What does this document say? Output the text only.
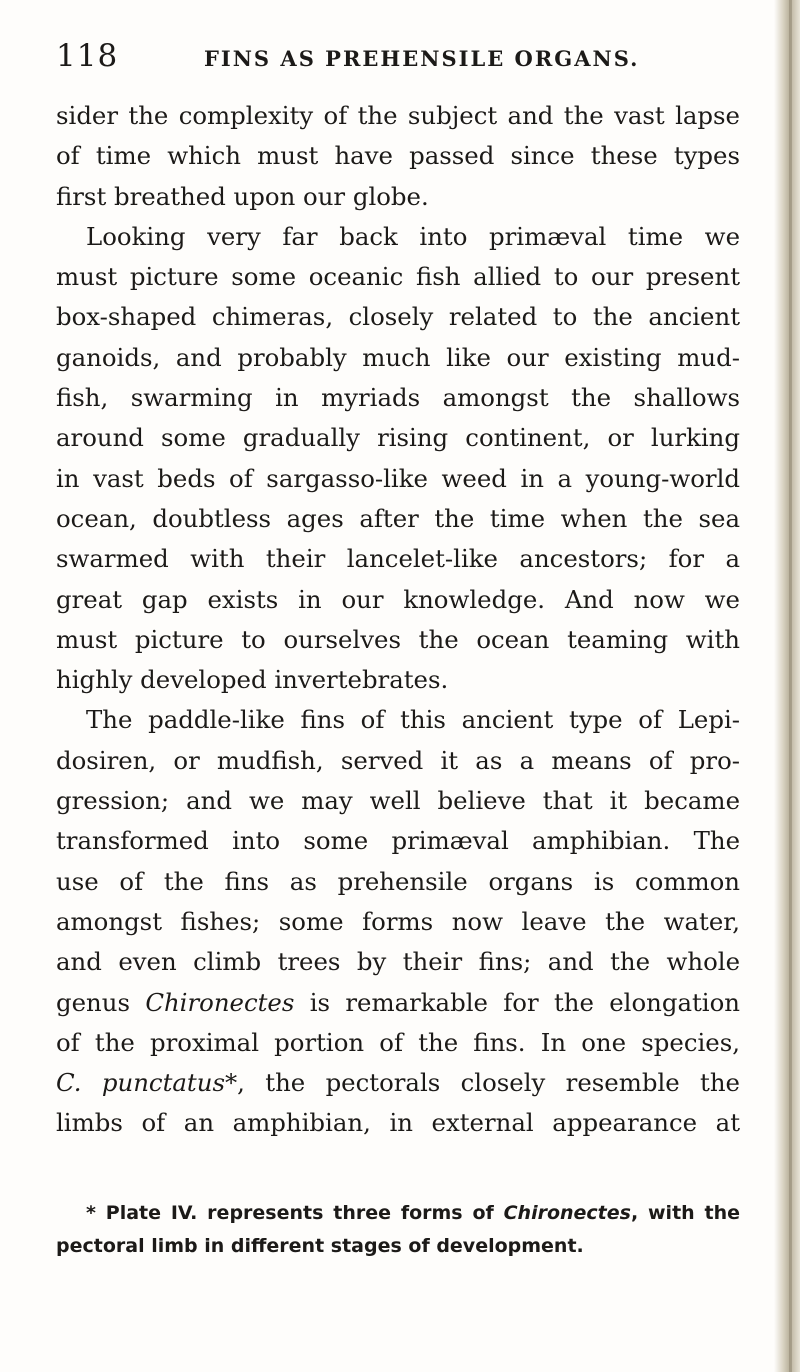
118	FINS AS PREHENSILE ORGANS.
sider the complexity of the subject and the vast lapse
of time which must have passed since these types
first breathed upon our globe.
Looking very far back into primæval time we
must picture some oceanic fish allied to our present
box-shaped chimeras, closely related to the ancient
ganoids, and probably much like our existing mud-
fish, swarming in myriads amongst the shallows
around some gradually rising continent, or lurking
in vast beds of sargasso-like weed in a young-world
ocean, doubtless ages after the time when the sea
swarmed with their lancelet-like ancestors; for a
great gap exists in our knowledge. And now we
must picture to ourselves the ocean teaming with
highly developed invertebrates.
The paddle-like fins of this ancient type of Lepi-
dosiren, or mudfish, served it as a means of pro-
gression; and we may well believe that it became
transformed into some primæval amphibian. The
use of the fins as prehensile organs is common
amongst fishes; some forms now leave the water,
and even climb trees by their fins; and the whole
genus Chironectes is remarkable for the elongation
of the proximal portion of the fins. In one species,
C. punctatus*, the pectorals closely resemble the
limbs of an amphibian, in external appearance at
* Plate IV. represents three forms of Chironectes, with the
pectoral limb in different stages of development.
